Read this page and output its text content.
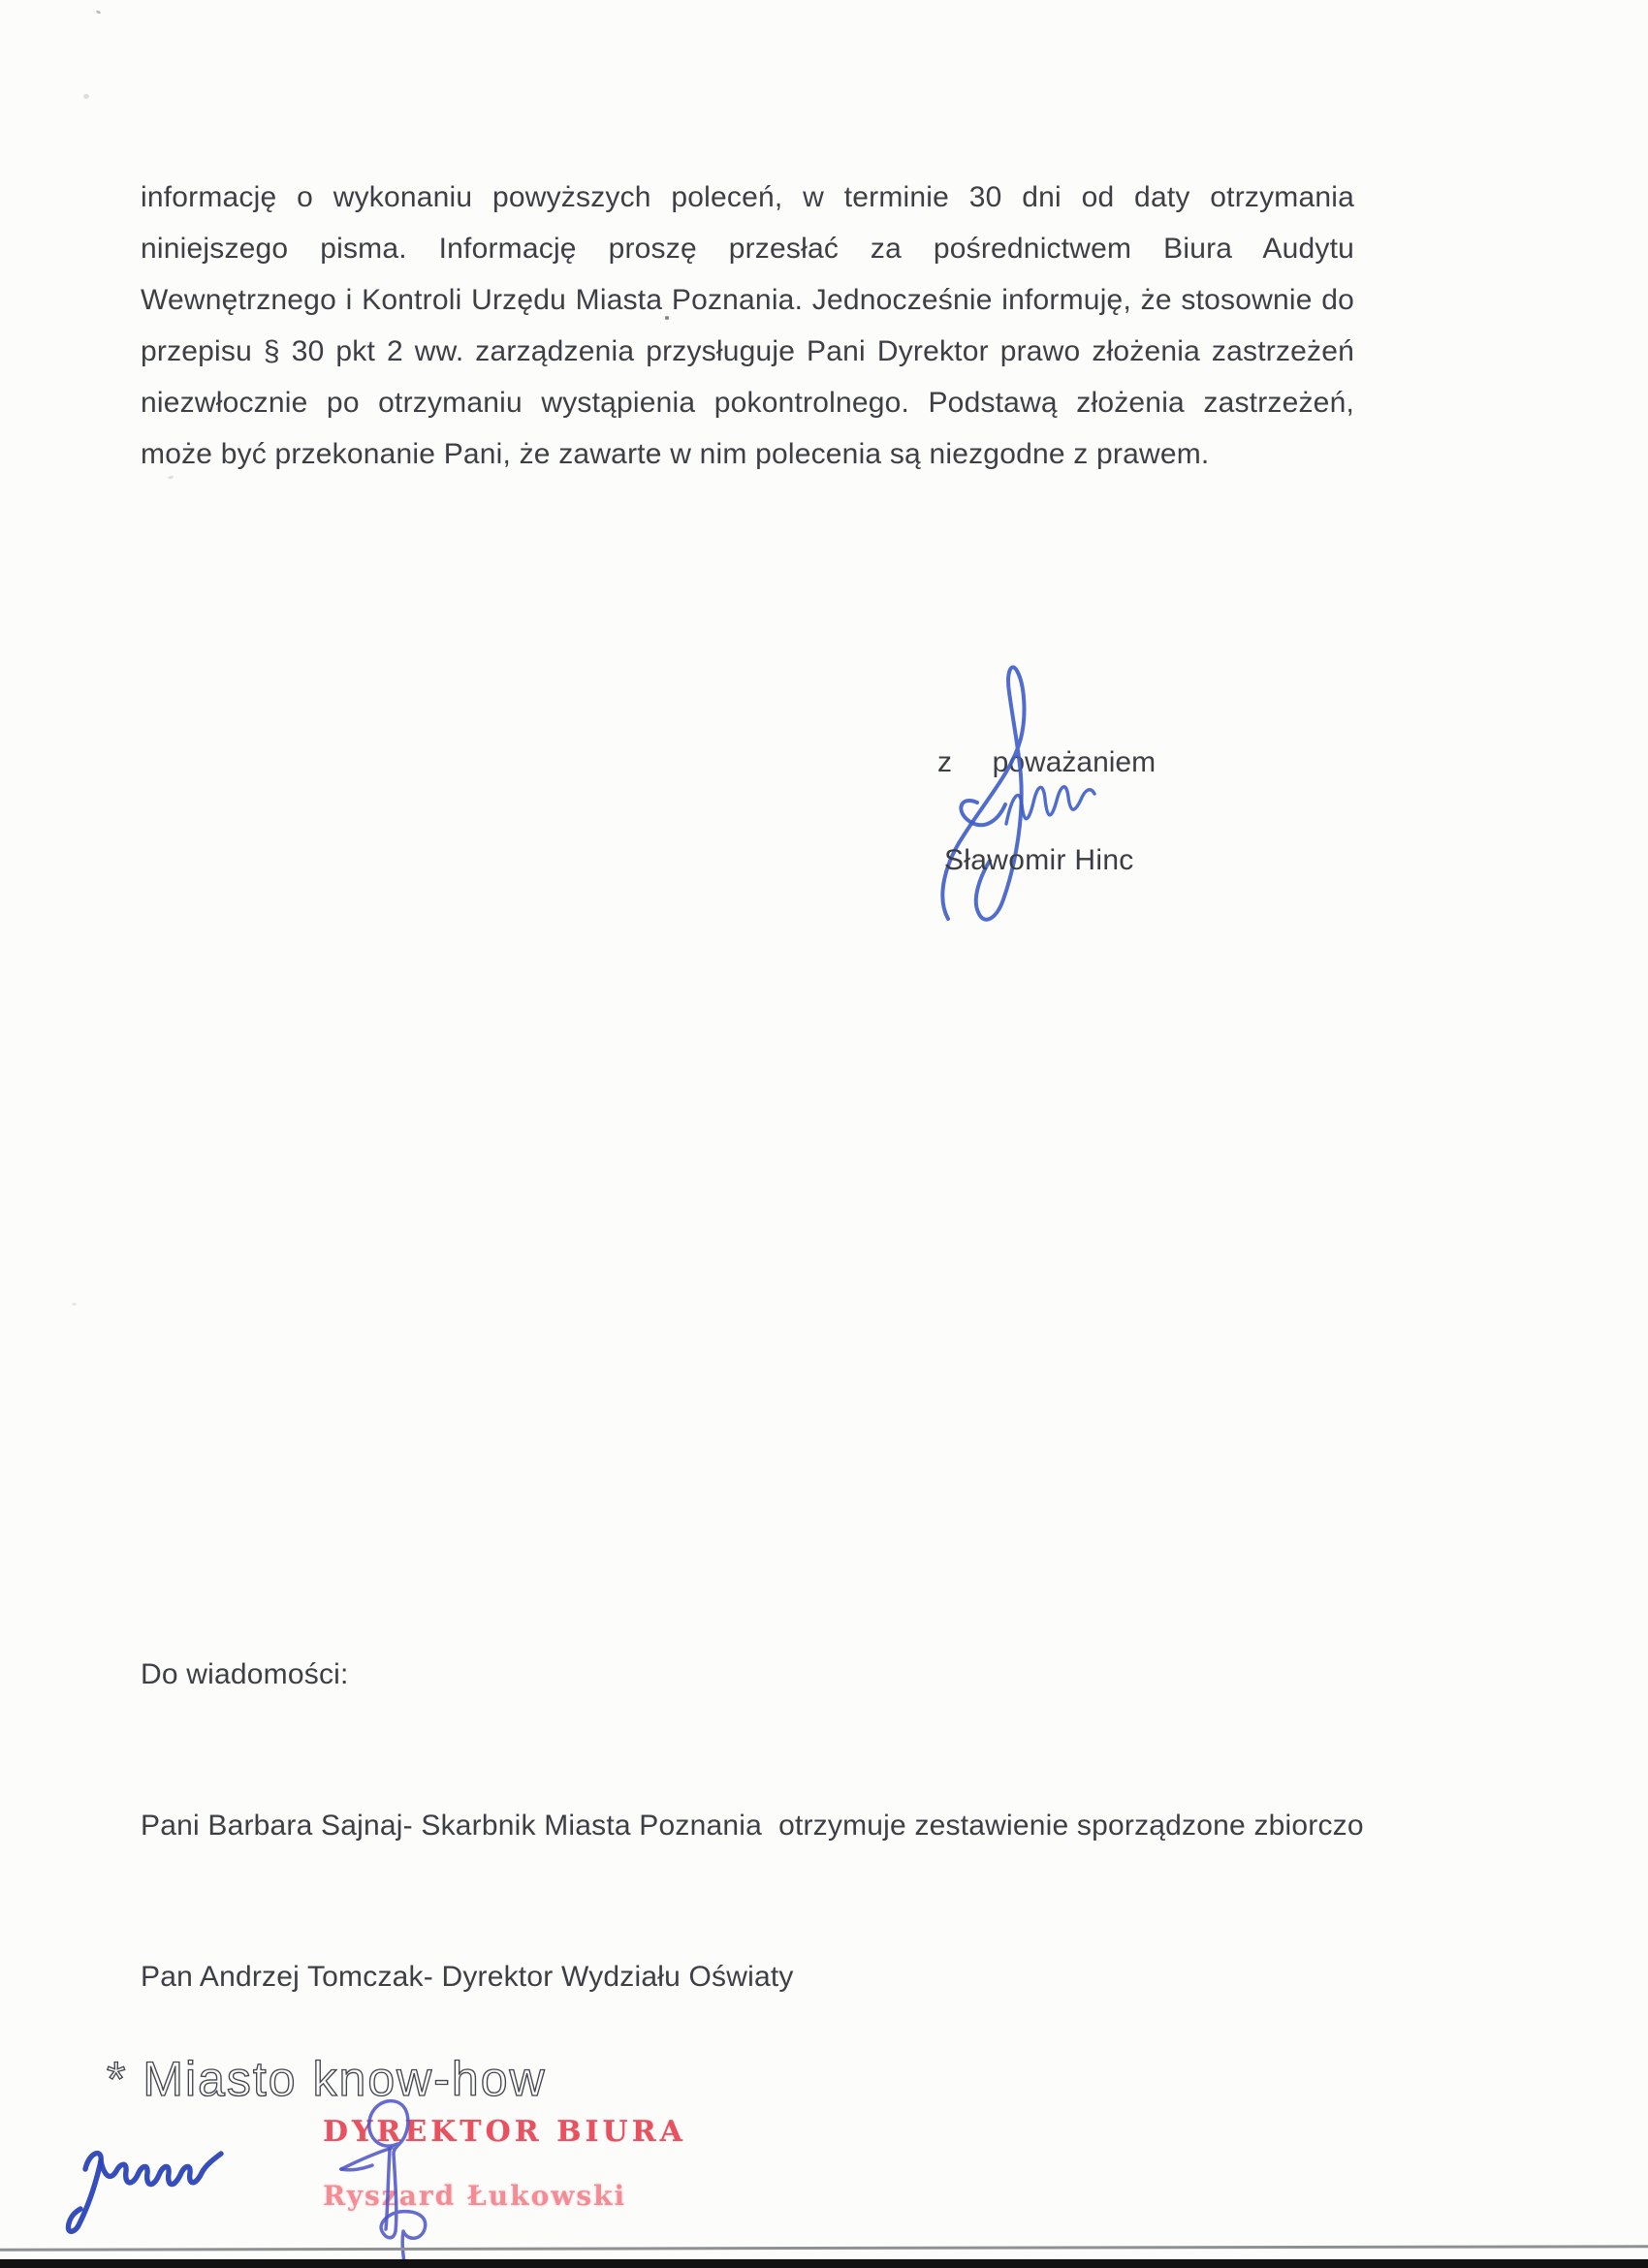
informację o wykonaniu powyższych poleceń, w terminie 30 dni od daty otrzymania
niniejszego pisma. Informację proszę przesłać za pośrednictwem Biura Audytu
Wewnętrznego i Kontroli Urzędu Miasta Poznania. Jednocześnie informuję, że stosownie do
przepisu § 30 pkt 2 ww. zarządzenia przysługuje Pani Dyrektor prawo złożenia zastrzeżeń
niezwłocznie po otrzymaniu wystąpienia pokontrolnego. Podstawą złożenia zastrzeżeń,
może być przekonanie Pani, że zawarte w nim polecenia są niezgodne z prawem.
z     poważaniem
Sławomir Hinc

Do wiadomości:

Pani Barbara Sajnaj- Skarbnik Miasta Poznania  otrzymuje zestawienie sporządzone zbiorczo

Pan Andrzej Tomczak- Dyrektor Wydziału Oświaty

* Miasto know-how
DYREKTOR BIURA
Ryszard Łukowski
